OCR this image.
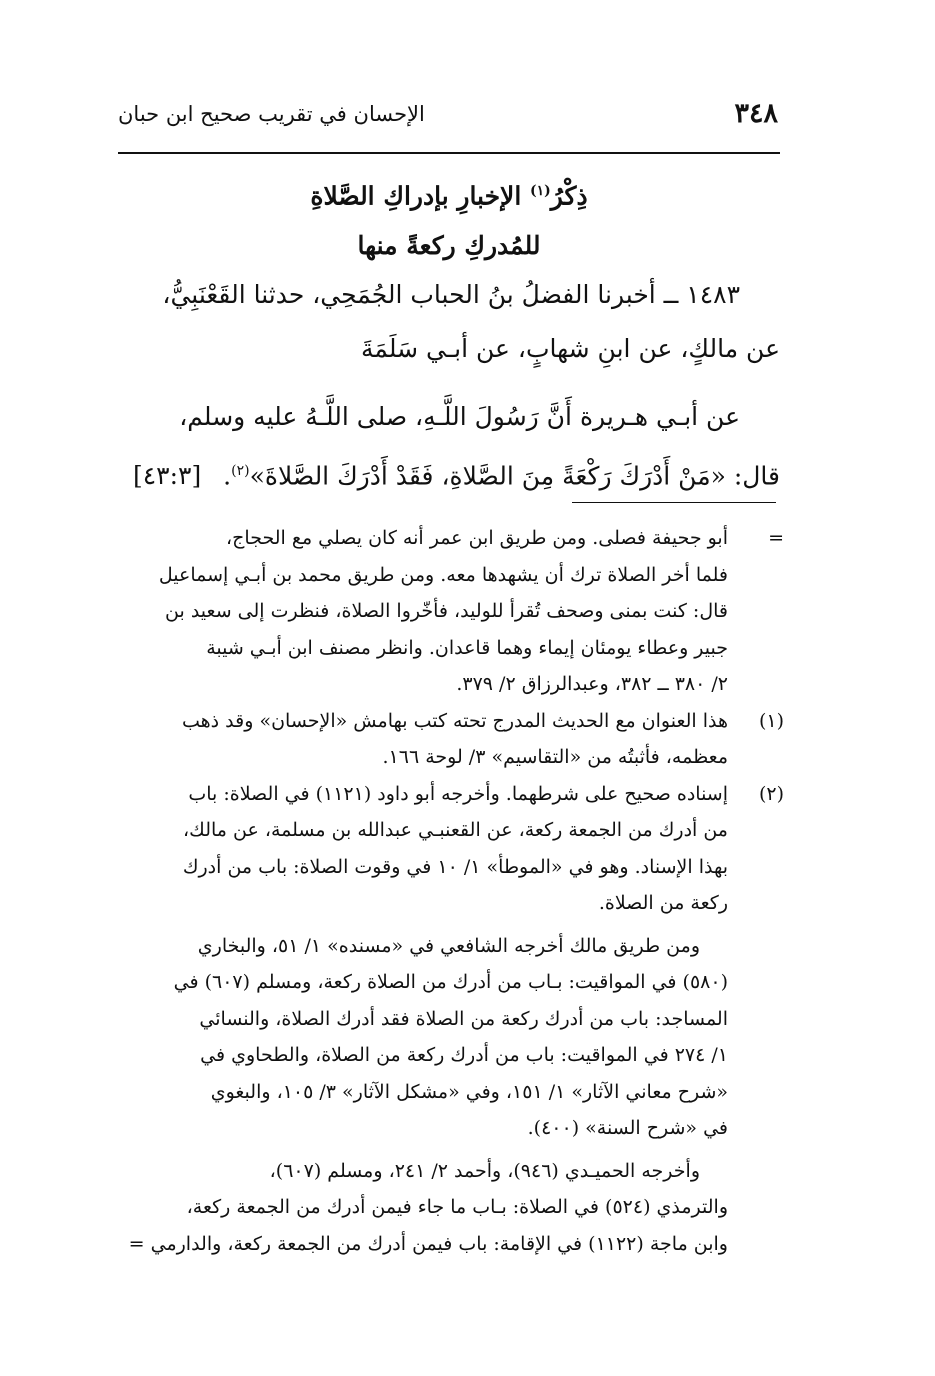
٣٤٨
الإحسان في تقريب صحيح ابن حبان
ذِكْرُ$^{(١)}$ الإخبارِ بإدراكِ الصَّلاةِ
للمُدركِ ركعةً منها
١٤٨٣ ــ أخبرنا الفضلُ بنُ الحباب الجُمَحِي، حدثنا القَعْنَبِيُّ،
عن مالكٍ، عن ابنِ شهابٍ، عن أبـي سَلَمَةَ
عن أبـي هـريرة أَنَّ رَسُولَ اللَّـهِ، صلى اللَّـهُ عليه وسلم،
قال: «مَنْ أَدْرَكَ رَكْعَةً مِنَ الصَّلاةِ، فَقَدْ أَدْرَكَ الصَّلاةَ»$^{(٢)}$. [٤٣:٣]
=
أبو جحيفة فصلى. ومن طريق ابن عمر أنه كان يصلي مع الحجاج،
فلما أخر الصلاة ترك أن يشهدها معه. ومن طريق محمد بن أبـي إسماعيل
قال: كنت بمنى وصحف تُقرأ للوليد، فأخّروا الصلاة، فنظرت إلى سعيد بن
جبير وعطاء يومئان إيماء وهما قاعدان. وانظر مصنف ابن أبـي شيبة
٢/ ٣٨٠ ــ ٣٨٢، وعبدالرزاق ٢/ ٣٧٩.
(١)
هذا العنوان مع الحديث المدرج تحته كتب بهامش «الإحسان» وقد ذهب
معظمه، فأثبتُه من «التقاسيم» ٣/ لوحة ١٦٦.
(٢)
إسناده صحيح على شرطهما. وأخرجه أبو داود (١١٢١) في الصلاة: باب
من أدرك من الجمعة ركعة، عن القعنبـي عبدالله بن مسلمة، عن مالك،
بهذا الإسناد. وهو في «الموطأ» ١/ ١٠ في وقوت الصلاة: باب من أدرك
ركعة من الصلاة.
ومن طريق مالك أخرجه الشافعي في «مسنده» ١/ ٥١، والبخاري
(٥٨٠) في المواقيت: بـاب من أدرك من الصلاة ركعة، ومسلم (٦٠٧) في
المساجد: باب من أدرك ركعة من الصلاة فقد أدرك الصلاة، والنسائي
١/ ٢٧٤ في المواقيت: باب من أدرك ركعة من الصلاة، والطحاوي في
«شرح معاني الآثار» ١/ ١٥١، وفي «مشكل الآثار» ٣/ ١٠٥، والبغوي
في «شرح السنة» (٤٠٠).
وأخرجه الحميـدي (٩٤٦)، وأحمد ٢/ ٢٤١، ومسلم (٦٠٧)،
والترمذي (٥٢٤) في الصلاة: بـاب ما جاء فيمن أدرك من الجمعة ركعة،
وابن ماجة (١١٢٢) في الإقامة: باب فيمن أدرك من الجمعة ركعة، والدارمي =
